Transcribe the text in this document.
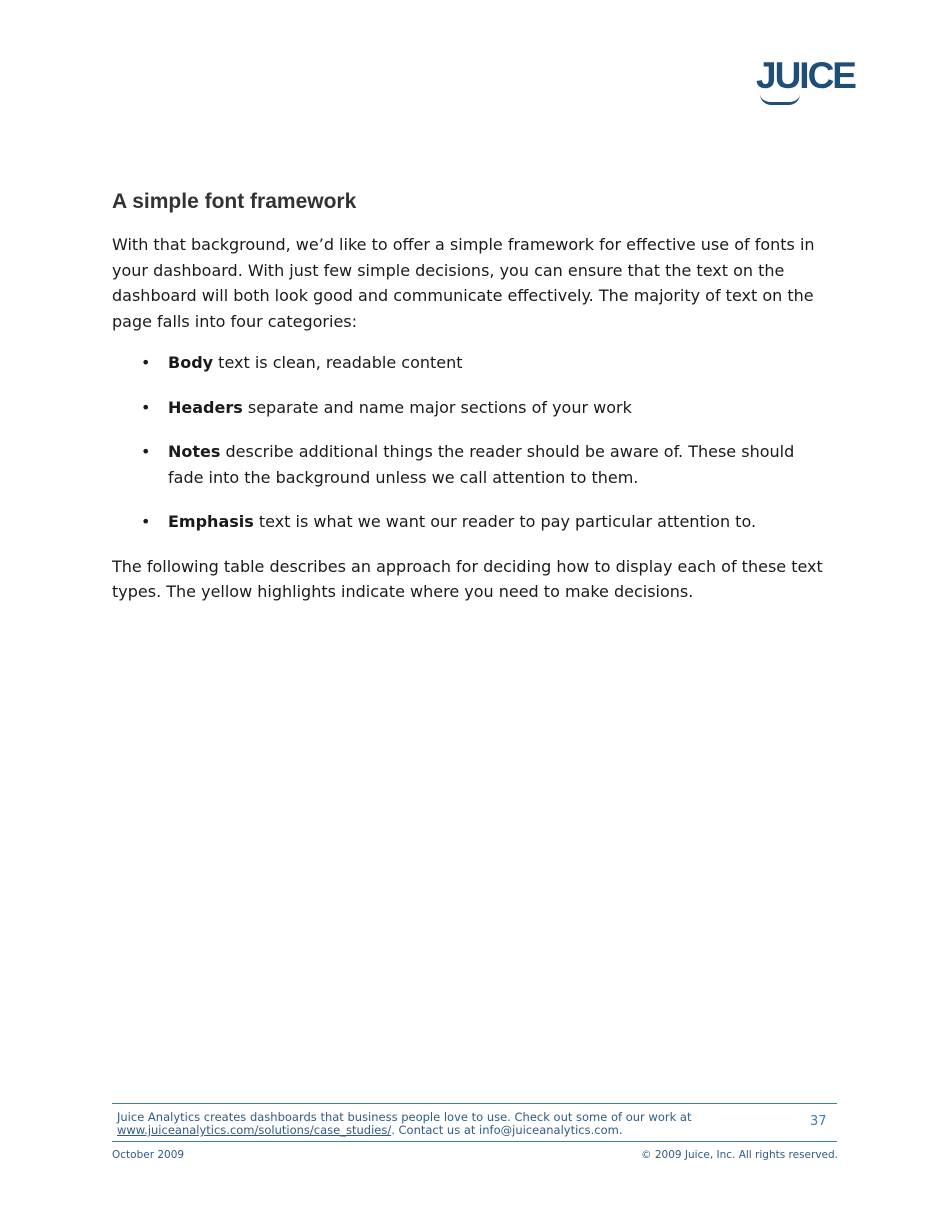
JUICE
A simple font framework

With that background, we’d like to offer a simple framework for effective use of fonts in your dashboard. With just few simple decisions, you can ensure that the text on the dashboard will both look good and communicate effectively. The majority of text on the page falls into four categories:

• Body text is clean, readable content
• Headers separate and name major sections of your work
• Notes describe additional things the reader should be aware of. These should fade into the background unless we call attention to them.
• Emphasis text is what we want our reader to pay particular attention to.

The following table describes an approach for deciding how to display each of these text types. The yellow highlights indicate where you need to make decisions.

Juice Analytics creates dashboards that business people love to use. Check out some of our work at
www.juiceanalytics.com/solutions/case_studies/. Contact us at info@juiceanalytics.com.
37
October 2009	© 2009 Juice, Inc. All rights reserved.
